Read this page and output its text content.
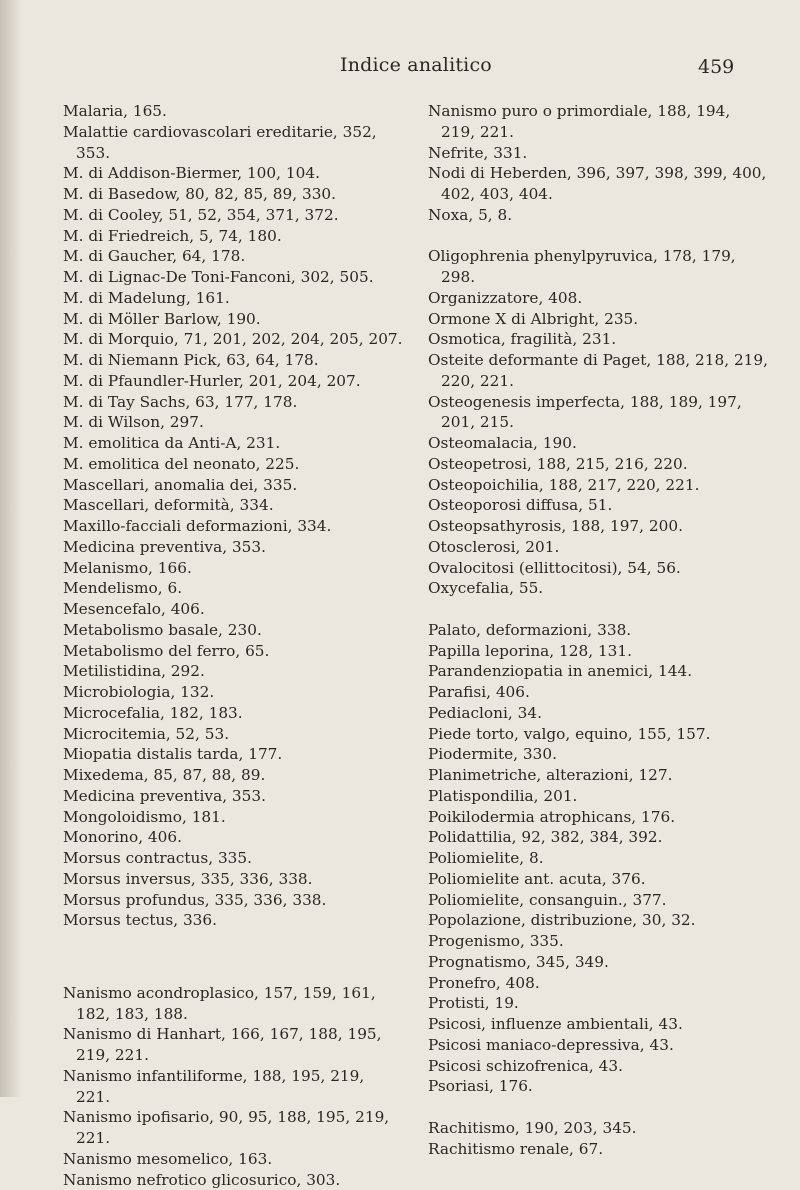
Indice analitico	459

Malaria, 165.

Malattie cardiovascolari ereditarie, 352, 353.

M. di Addison-Biermer, 100, 104.

M. di Basedow, 80, 82, 85, 89, 330.

M. di Cooley, 51, 52, 354, 371, 372.

M. di Friedreich, 5, 74, 180.

M. di Gaucher, 64, 178.

M. di Lignac-De Toni-Fanconi, 302, 505.

M. di Madelung, 161.

M. di Möller Barlow, 190.

M. di Morquio, 71, 201, 202, 204, 205, 207.

M. di Niemann Pick, 63, 64, 178.

M. di Pfaundler-Hurler, 201, 204, 207.

M. di Tay Sachs, 63, 177, 178.

M. di Wilson, 297.

M. emolitica da Anti-A, 231.

M. emolitica del neonato, 225.

Mascellari, anomalia dei, 335.

Mascellari, deformità, 334.

Maxillo-facciali deformazioni, 334.

Medicina preventiva, 353.

Melanismo, 166.

Mendelismo, 6.

Mesencefalo, 406.

Metabolismo basale, 230.

Metabolismo del ferro, 65.

Metilistidina, 292.

Microbiologia, 132.

Microcefalia, 182, 183.

Microcitemia, 52, 53.

Miopatia distalis tarda, 177.

Mixedema, 85, 87, 88, 89.

Medicina preventiva, 353.

Mongoloidismo, 181.

Monorino, 406.

Morsus contractus, 335.

Morsus inversus, 335, 336, 338.

Morsus profundus, 335, 336, 338.

Morsus tectus, 336.

Nanismo acondroplasico, 157, 159, 161, 182, 183, 188.

Nanismo di Hanhart, 166, 167, 188, 195, 219, 221.

Nanismo infantiliforme, 188, 195, 219, 221.

Nanismo ipofisario, 90, 95, 188, 195, 219, 221.

Nanismo mesomelico, 163.

Nanismo nefrotico glicosurico, 303.

Nanismo puro o primordiale, 188, 194, 219, 221.

Nefrite, 331.

Nodi di Heberden, 396, 397, 398, 399, 400, 402, 403, 404.

Noxa, 5, 8.

Oligophrenia phenylpyruvica, 178, 179, 298.

Organizzatore, 408.

Ormone X di Albright, 235.

Osmotica, fragilità, 231.

Osteite deformante di Paget, 188, 218, 219, 220, 221.

Osteogenesis imperfecta, 188, 189, 197, 201, 215.

Osteomalacia, 190.

Osteopetrosi, 188, 215, 216, 220.

Osteopoichilia, 188, 217, 220, 221.

Osteoporosi diffusa, 51.

Osteopsathyrosis, 188, 197, 200.

Otosclerosi, 201.

Ovalocitosi (ellittocitosi), 54, 56.

Oxycefalia, 55.

Palato, deformazioni, 338.

Papilla leporina, 128, 131.

Parandenziopatia in anemici, 144.

Parafisi, 406.

Pediacloni, 34.

Piede torto, valgo, equino, 155, 157.

Piodermite, 330.

Planimetriche, alterazioni, 127.

Platispondilia, 201.

Poikilodermia atrophicans, 176.

Polidattilia, 92, 382, 384, 392.

Poliomielite, 8.

Poliomielite ant. acuta, 376.

Poliomielite, consanguin., 377.

Popolazione, distribuzione, 30, 32.

Progenismo, 335.

Prognatismo, 345, 349.

Pronefro, 408.

Protisti, 19.

Psicosi, influenze ambientali, 43.

Psicosi maniaco-depressiva, 43.

Psicosi schizofrenica, 43.

Psoriasi, 176.

Rachitismo, 190, 203, 345.

Rachitismo renale, 67.
